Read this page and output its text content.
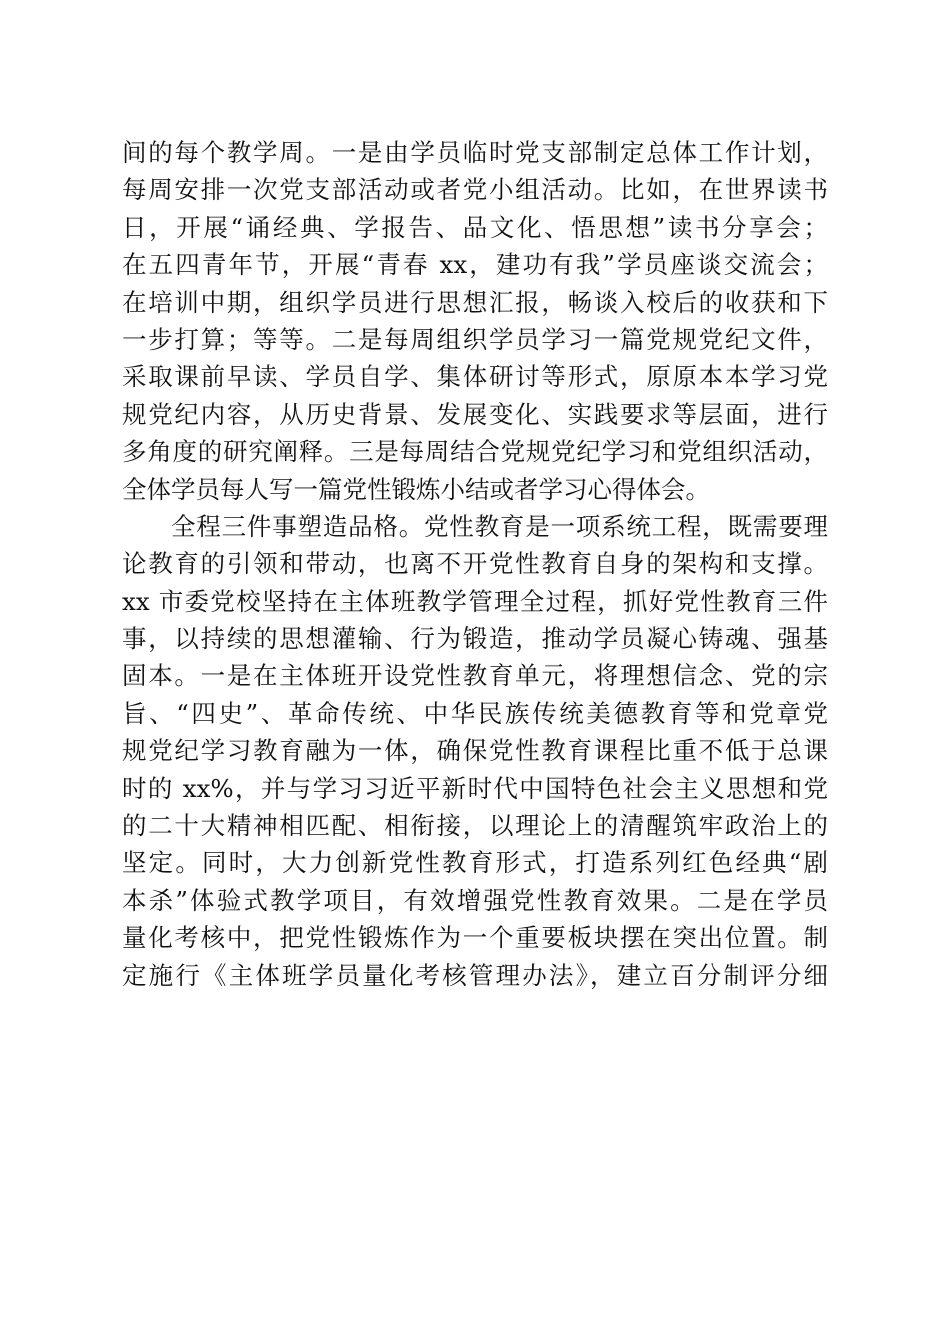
间的每个教学周。一是由学员临时党支部制定总体工作计划，
每周安排一次党支部活动或者党小组活动。比如，在世界读书
日，开展“诵经典、学报告、品文化、悟思想”读书分享会；
在五四青年节，开展“青春 xx，建功有我”学员座谈交流会；
在培训中期，组织学员进行思想汇报，畅谈入校后的收获和下
一步打算；等等。二是每周组织学员学习一篇党规党纪文件，
采取课前早读、学员自学、集体研讨等形式，原原本本学习党
规党纪内容，从历史背景、发展变化、实践要求等层面，进行
多角度的研究阐释。三是每周结合党规党纪学习和党组织活动，
全体学员每人写一篇党性锻炼小结或者学习心得体会。
全程三件事塑造品格。党性教育是一项系统工程，既需要理
论教育的引领和带动，也离不开党性教育自身的架构和支撑。
xx 市委党校坚持在主体班教学管理全过程，抓好党性教育三件
事，以持续的思想灌输、行为锻造，推动学员凝心铸魂、强基
固本。一是在主体班开设党性教育单元，将理想信念、党的宗
旨、“四史”、革命传统、中华民族传统美德教育等和党章党
规党纪学习教育融为一体，确保党性教育课程比重不低于总课
时的 xx%，并与学习习近平新时代中国特色社会主义思想和党
的二十大精神相匹配、相衔接，以理论上的清醒筑牢政治上的
坚定。同时，大力创新党性教育形式，打造系列红色经典“剧
本杀”体验式教学项目，有效增强党性教育效果。二是在学员
量化考核中，把党性锻炼作为一个重要板块摆在突出位置。制
定施行《主体班学员量化考核管理办法》，建立百分制评分细
